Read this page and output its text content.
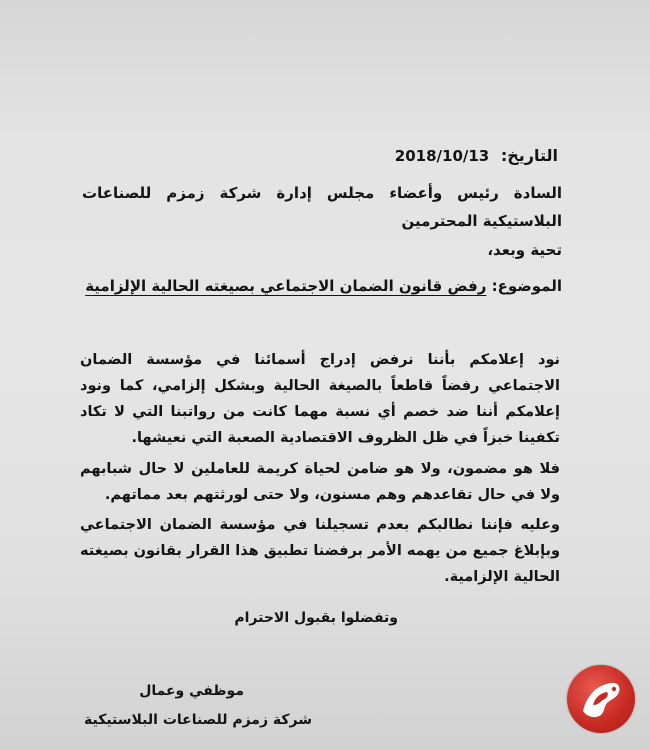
التاريخ: 2018/10/13
السادة رئيس وأعضاء مجلس إدارة شركة زمزم للصناعات البلاستيكية المحترمين
تحية وبعد،
الموضوع: رفض قانون الضمان الاجتماعي بصيغته الحالية الإلزامية
نود إعلامكم بأننا نرفض إدراج أسمائنا في مؤسسة الضمان الاجتماعي رفضاً قاطعاً بالصيغة الحالية وبشكل إلزامي، كما ونود إعلامكم أننا ضد خصم أي نسبة مهما كانت من رواتبنا التي لا تكاد تكفينا خبزاً في ظل الظروف الاقتصادية الصعبة التي نعيشها.
فلا هو مضمون، ولا هو ضامن لحياة كريمة للعاملين لا حال شبابهم ولا في حال تقاعدهم وهم مسنون، ولا حتى لورثتهم بعد مماتهم.
وعليه فإننا نطالبكم بعدم تسجيلنا في مؤسسة الضمان الاجتماعي وبإبلاغ جميع من يهمه الأمر برفضنا تطبيق هذا القرار بقانون بصيغته الحالية الإلزامية.
وتفضلوا بقبول الاحترام
موظفي وعمال
شركة زمزم للصناعات البلاستيكية
